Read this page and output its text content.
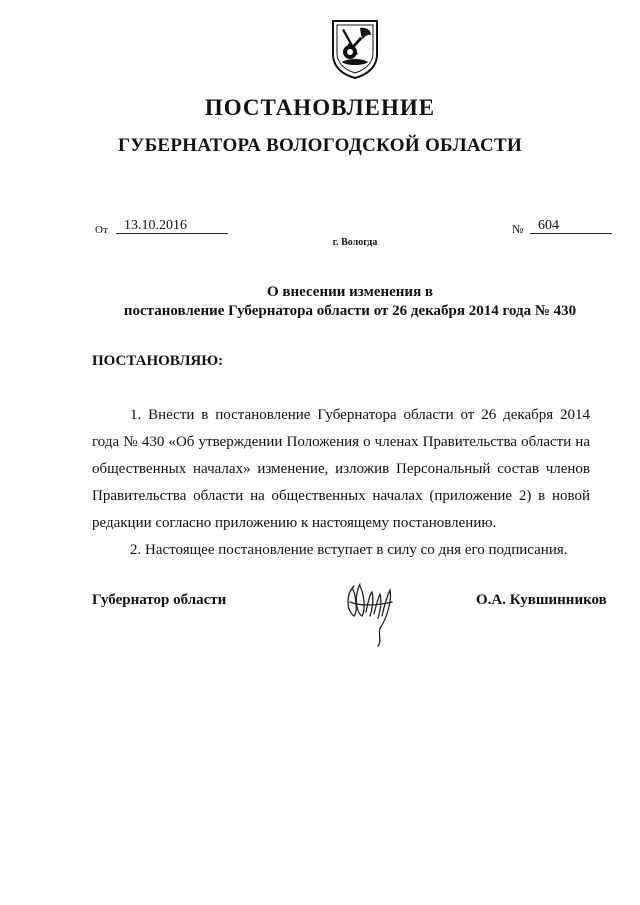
ПОСТАНОВЛЕНИЕ
ГУБЕРНАТОРА ВОЛОГОДСКОЙ ОБЛАСТИ
От	13.10.2016	№	604
г. Вологда
О внесении изменения в
постановление Губернатора области от 26 декабря 2014 года № 430
ПОСТАНОВЛЯЮ:

1. Внести в постановление Губернатора области от 26 декабря 2014 года № 430 «Об утверждении Положения о членах Правительства области на общественных началах» изменение, изложив Персональный состав членов Правительства области на общественных началах (приложение 2) в новой редакции согласно приложению к настоящему постановлению.

2. Настоящее постановление вступает в силу со дня его подписания.

Губернатор области	О.А. Кувшинников
